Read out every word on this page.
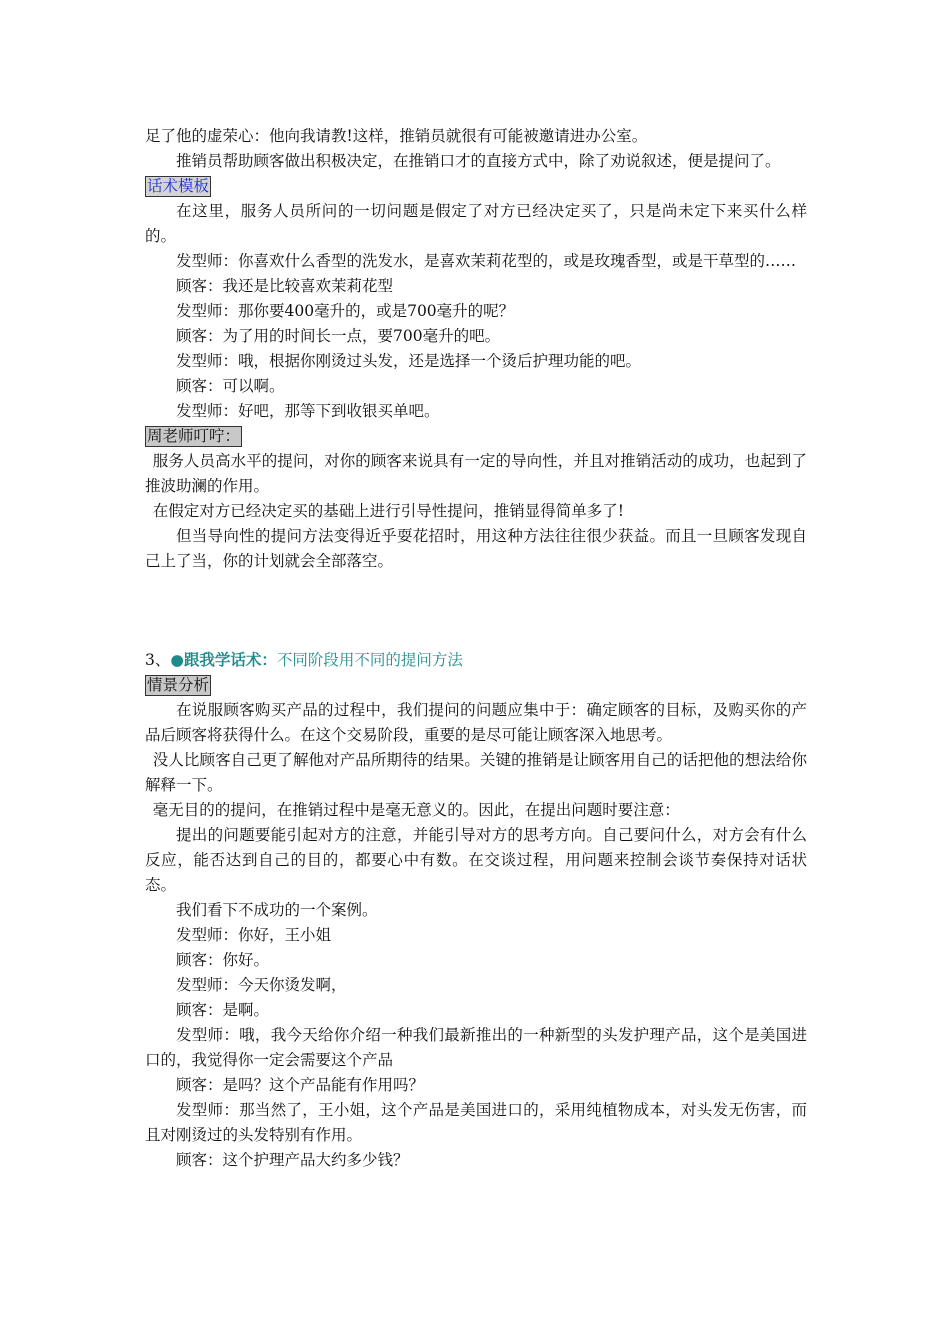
足了他的虚荣心：他向我请教!这样，推销员就很有可能被邀请进办公室。

推销员帮助顾客做出积极决定，在推销口才的直接方式中，除了劝说叙述，便是提问了。

话术模板

在这里，服务人员所问的一切问题是假定了对方已经决定买了，只是尚未定下来买什么样的。

发型师：你喜欢什么香型的洗发水，是喜欢茉莉花型的，或是玫瑰香型，或是干草型的……

顾客：我还是比较喜欢茉莉花型

发型师：那你要400毫升的，或是700毫升的呢？

顾客：为了用的时间长一点，要700毫升的吧。

发型师：哦，根据你刚烫过头发，还是选择一个烫后护理功能的吧。

顾客：可以啊。

发型师：好吧，那等下到收银买单吧。

周老师叮咛：

服务人员高水平的提问，对你的顾客来说具有一定的导向性，并且对推销活动的成功，也起到了推波助澜的作用。

在假定对方已经决定买的基础上进行引导性提问，推销显得简单多了!

但当导向性的提问方法变得近乎耍花招时，用这种方法往往很少获益。而且一旦顾客发现自己上了当，你的计划就会全部落空。

3、●跟我学话术：不同阶段用不同的提问方法

情景分析

在说服顾客购买产品的过程中，我们提问的问题应集中于：确定顾客的目标，及购买你的产品后顾客将获得什么。在这个交易阶段，重要的是尽可能让顾客深入地思考。

没人比顾客自己更了解他对产品所期待的结果。关键的推销是让顾客用自己的话把他的想法给你解释一下。

毫无目的的提问，在推销过程中是毫无意义的。因此，在提出问题时要注意：

提出的问题要能引起对方的注意，并能引导对方的思考方向。自己要问什么，对方会有什么反应，能否达到自己的目的，都要心中有数。在交谈过程，用问题来控制会谈节奏保持对话状态。

我们看下不成功的一个案例。

发型师：你好，王小姐

顾客：你好。

发型师：今天你烫发啊，

顾客：是啊。

发型师：哦，我今天给你介绍一种我们最新推出的一种新型的头发护理产品，这个是美国进口的，我觉得你一定会需要这个产品

顾客：是吗？这个产品能有作用吗？

发型师：那当然了，王小姐，这个产品是美国进口的，采用纯植物成本，对头发无伤害，而且对刚烫过的头发特别有作用。

顾客：这个护理产品大约多少钱？
